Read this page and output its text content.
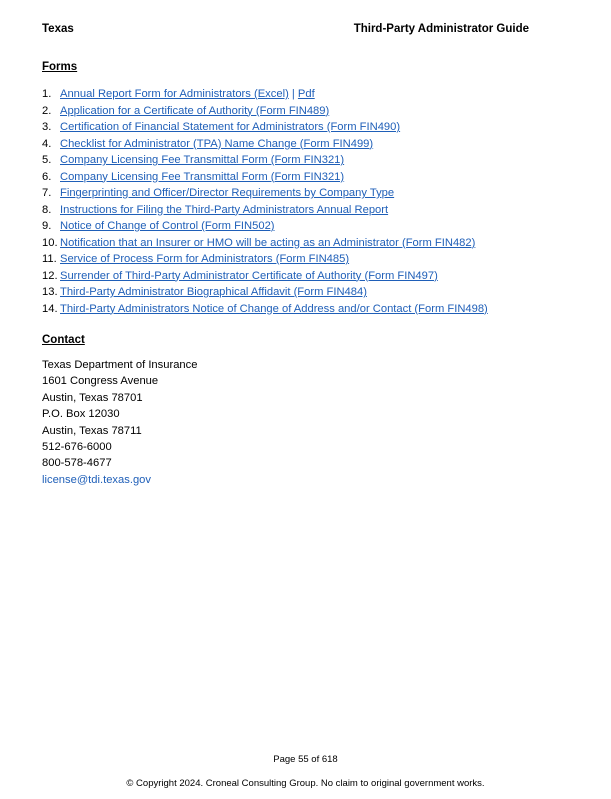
Texas	Third-Party Administrator Guide
Forms
1. Annual Report Form for Administrators (Excel) | Pdf
2. Application for a Certificate of Authority (Form FIN489)
3. Certification of Financial Statement for Administrators (Form FIN490)
4. Checklist for Administrator (TPA) Name Change (Form FIN499)
5. Company Licensing Fee Transmittal Form (Form FIN321)
6. Company Licensing Fee Transmittal Form (Form FIN321)
7. Fingerprinting and Officer/Director Requirements by Company Type
8. Instructions for Filing the Third-Party Administrators Annual Report
9. Notice of Change of Control (Form FIN502)
10. Notification that an Insurer or HMO will be acting as an Administrator (Form FIN482)
11. Service of Process Form for Administrators (Form FIN485)
12. Surrender of Third-Party Administrator Certificate of Authority (Form FIN497)
13. Third-Party Administrator Biographical Affidavit (Form FIN484)
14. Third-Party Administrators Notice of Change of Address and/or Contact (Form FIN498)
Contact
Texas Department of Insurance
1601 Congress Avenue
Austin, Texas 78701
P.O. Box 12030
Austin, Texas 78711
512-676-6000
800-578-4677
license@tdi.texas.gov
Page 55 of 618
© Copyright 2024. Croneal Consulting Group. No claim to original government works.
